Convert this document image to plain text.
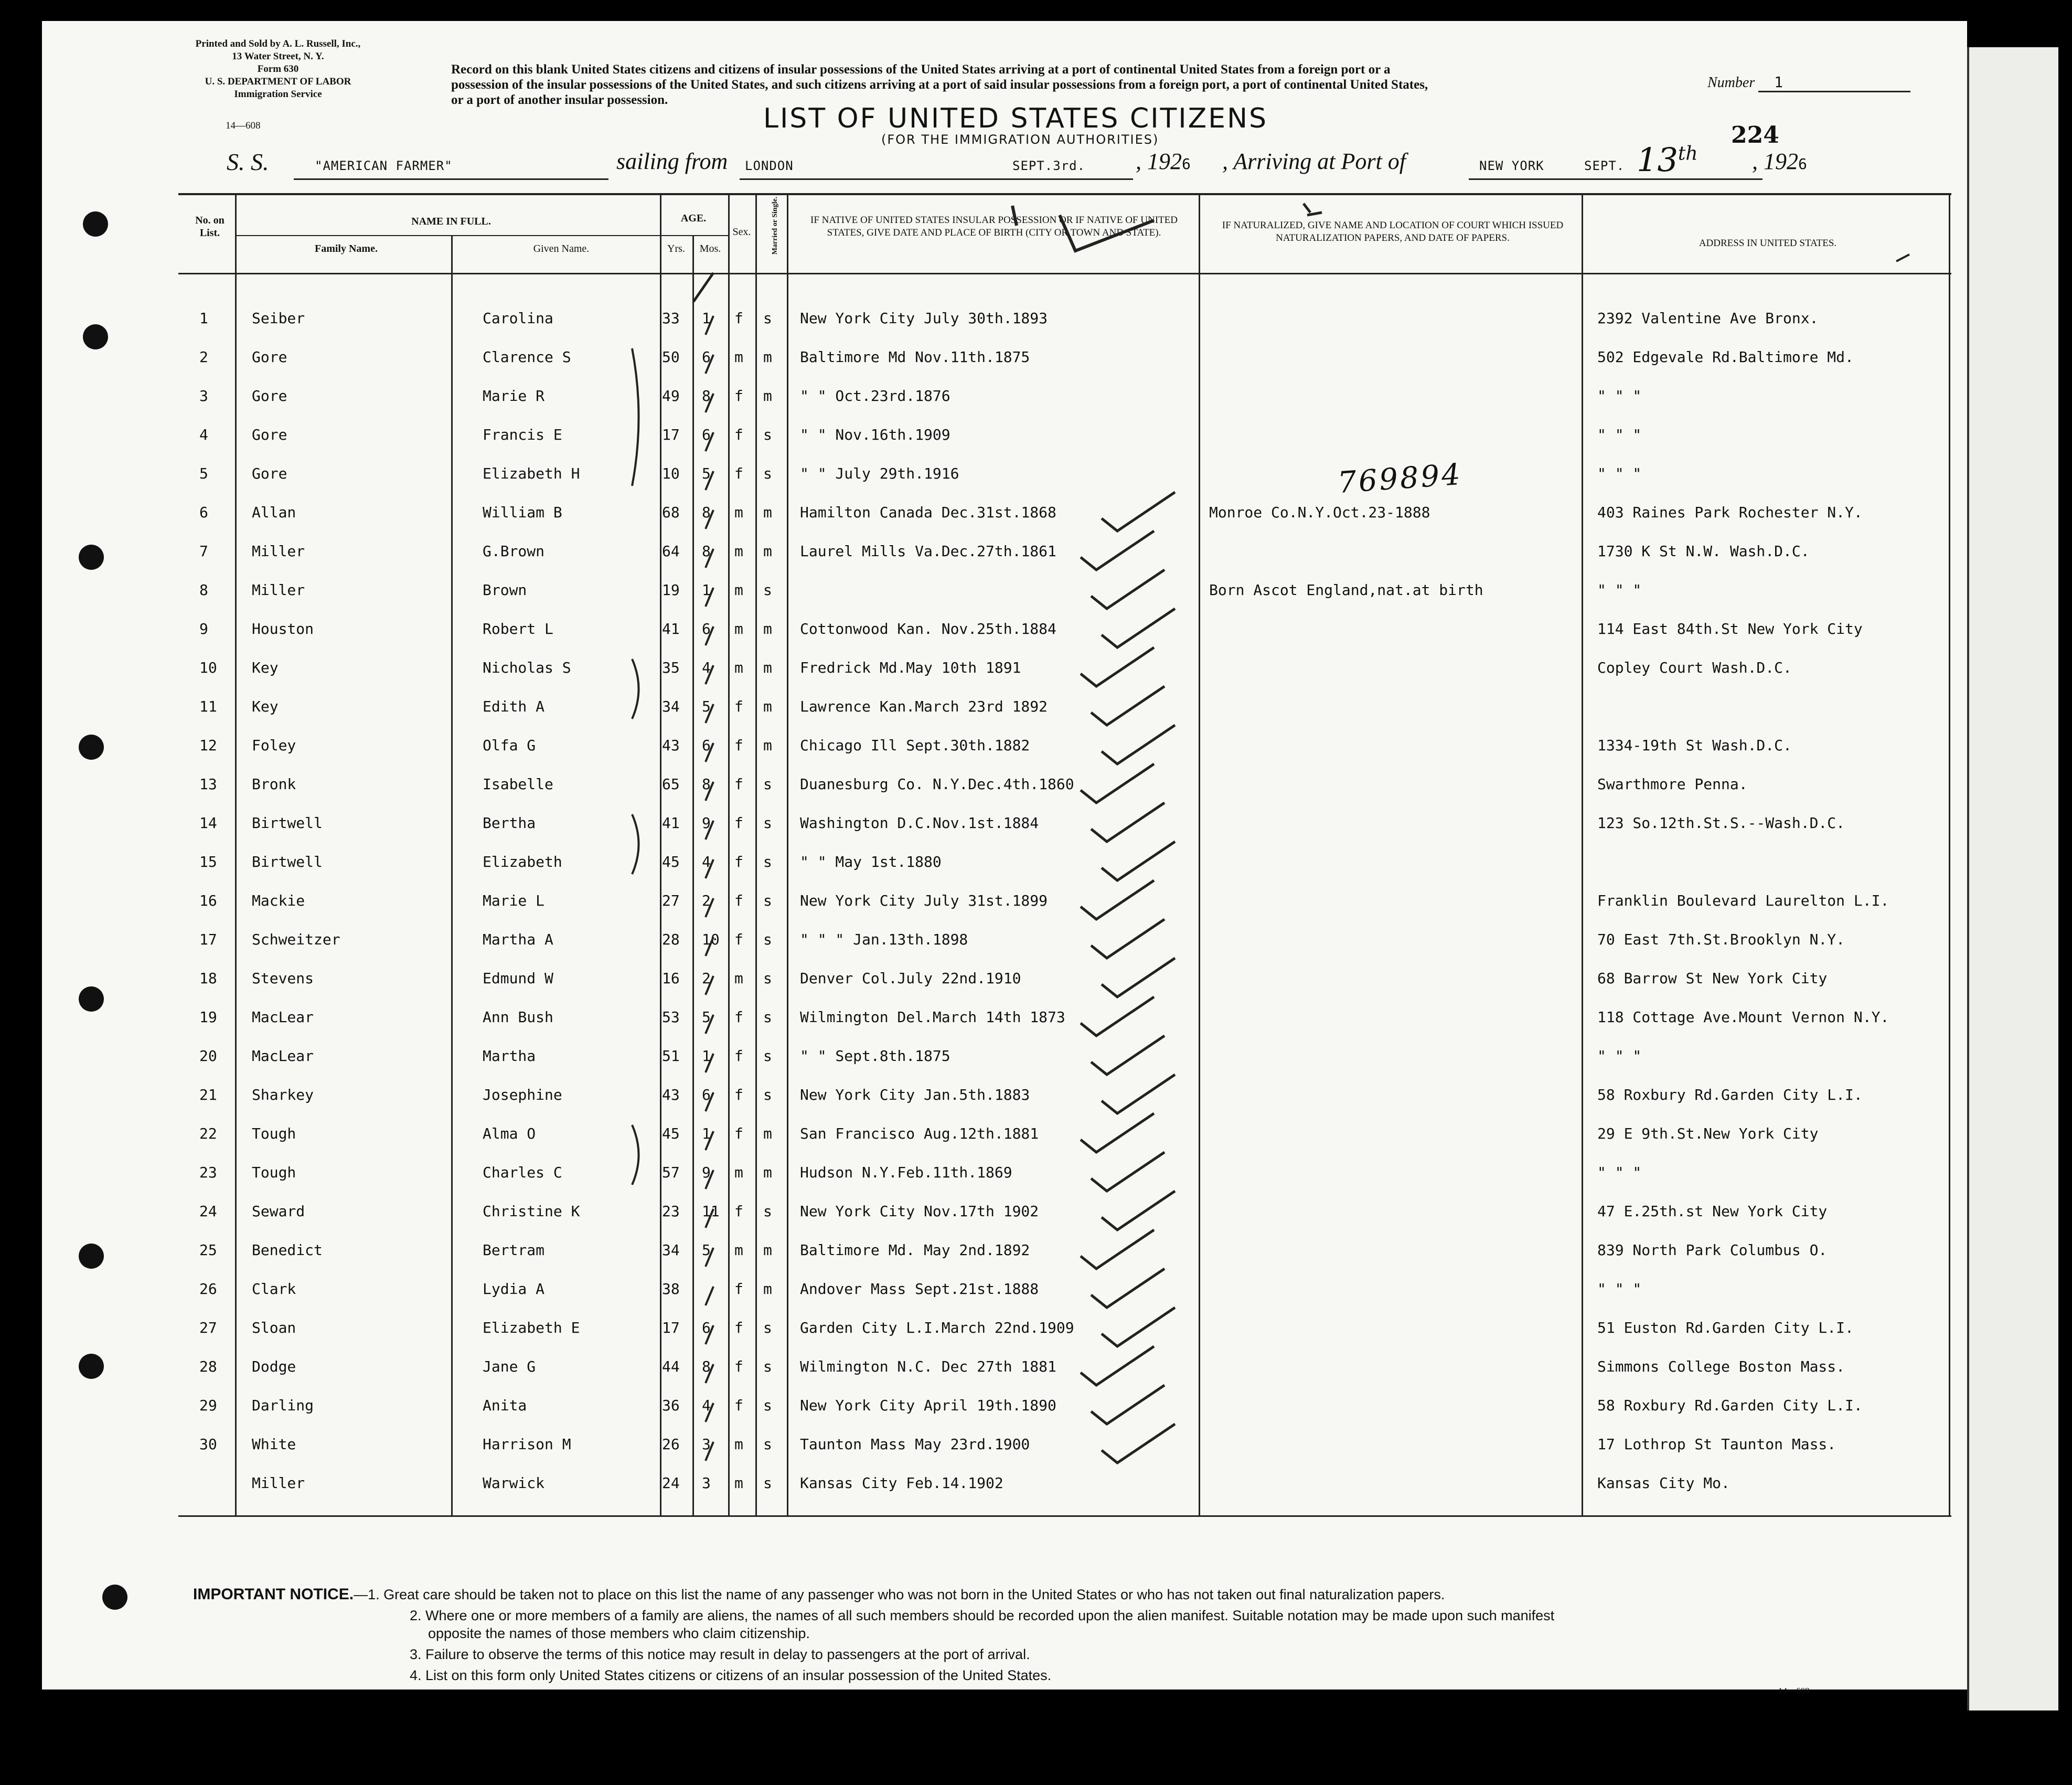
Printed and Sold by A. L. Russell, Inc.,
13 Water Street, N. Y.
Form 630
U. S. DEPARTMENT OF LABOR
Immigration Service
14—608
Record on this blank United States citizens and citizens of insular possessions of the United States arriving at a port of continental United States from a foreign port or a
possession of the insular possessions of the United States, and such citizens arriving at a port of said insular possessions from a foreign port, a port of continental United States,
or a port of another insular possession.
Number 1
LIST OF UNITED STATES CITIZENS
(FOR THE IMMIGRATION AUTHORITIES)	224
S. S.	"AMERICAN FARMER"	sailing from LONDON	SEPT.3rd. , 1926 , Arriving at Port of	NEW YORK	SEPT. 13th , 1926
No. on List.
NAME IN FULL.
Family Name.	Given Name.
AGE.
Yrs.	Mos.
Sex.	Married or Single.	IF NATIVE OF UNITED STATES INSULAR POSSESSION OR IF NATIVE OF UNITED STATES, GIVE DATE AND PLACE OF BIRTH (CITY OR TOWN AND STATE).
IF NATURALIZED, GIVE NAME AND LOCATION OF COURT WHICH ISSUED NATURALIZATION PAPERS, AND DATE OF PAPERS.	ADDRESS IN UNITED STATES.
769894
1	Seiber	Carolina	33 1 f s New York City July 30th.1893	2392 Valentine Ave Bronx.
2	Gore	Clarence S	50 6 m m Baltimore Md Nov.11th.1875	502 Edgevale Rd.Baltimore Md.
3	Gore	Marie R	49 8 f m " " Oct.23rd.1876	" " "
4	Gore	Francis E	17 6 f s " " Nov.16th.1909	" " "
5	Gore	Elizabeth H	10 5 f s " " July 29th.1916	" " "
6	Allan	William B	68 8 m m Hamilton Canada Dec.31st.1868	Monroe Co.N.Y.Oct.23-1888	403 Raines Park Rochester N.Y.
7	Miller	G.Brown	64 8 m m Laurel Mills Va.Dec.27th.1861	1730 K St N.W. Wash.D.C.
8	Miller	Brown	19 1 m s	Born Ascot England,nat.at birth	" " "
9	Houston	Robert L	41 6 m m Cottonwood Kan. Nov.25th.1884	114 East 84th.St New York City
10 Key	Nicholas S	35 4 m m Fredrick Md.May 10th 1891	Copley Court Wash.D.C.
11 Key	Edith A	34 5 f m Lawrence Kan.March 23rd 1892
12 Foley	Olfa G	43 6 f m Chicago Ill Sept.30th.1882	1334-19th St Wash.D.C.
13 Bronk	Isabelle	65 8 f s Duanesburg Co. N.Y.Dec.4th.1860	Swarthmore Penna.
14 Birtwell	Bertha	41 9 f s Washington D.C.Nov.1st.1884	123 So.12th.St.S.--Wash.D.C.
15 Birtwell	Elizabeth	45 4 f s " " May 1st.1880
16 Mackie	Marie L	27 2 f s New York City July 31st.1899	Franklin Boulevard Laurelton L.I.
17 Schweitzer	Martha A	28 10 f s " " " Jan.13th.1898	70 East 7th.St.Brooklyn N.Y.
18 Stevens	Edmund W	16 2 m s Denver Col.July 22nd.1910	68 Barrow St New York City
19 MacLear	Ann Bush	53 5 f s Wilmington Del.March 14th 1873	118 Cottage Ave.Mount Vernon N.Y.
20 MacLear	Martha	51 1 f s " " Sept.8th.1875	" " "
21 Sharkey	Josephine	43 6 f s New York City Jan.5th.1883	58 Roxbury Rd.Garden City L.I.
22 Tough	Alma O	45 1 f m San Francisco Aug.12th.1881	29 E 9th.St.New York City
23 Tough	Charles C	57 9 m m Hudson N.Y.Feb.11th.1869	" " "
24 Seward	Christine K	23 11 f s New York City Nov.17th 1902	47 E.25th.st New York City
25 Benedict	Bertram	34 5 m m Baltimore Md. May 2nd.1892	839 North Park Columbus O.
26 Clark	Lydia A	38	f m Andover Mass Sept.21st.1888	" " "
27 Sloan	Elizabeth E	17 6 f s Garden City L.I.March 22nd.1909	51 Euston Rd.Garden City L.I.
28 Dodge	Jane G	44 8 f s Wilmington N.C. Dec 27th 1881	Simmons College Boston Mass.
29 Darling	Anita	36 4 f s New York City April 19th.1890	58 Roxbury Rd.Garden City L.I.
30 White	Harrison M	26 3 m s Taunton Mass May 23rd.1900	17 Lothrop St Taunton Mass.
Miller	Warwick	24 3 m s Kansas City Feb.14.1902	Kansas City Mo.
IMPORTANT NOTICE.—1. Great care should be taken not to place on this list the name of any passenger who was not born in the United States or who has not taken out final naturalization papers.
2. Where one or more members of a family are aliens, the names of all such members should be recorded upon the alien manifest. Suitable notation may be made upon such manifest
opposite the names of those members who claim citizenship.
3. Failure to observe the terms of this notice may result in delay to passengers at the port of arrival.
4. List on this form only United States citizens or citizens of an insular possession of the United States.
14—608
